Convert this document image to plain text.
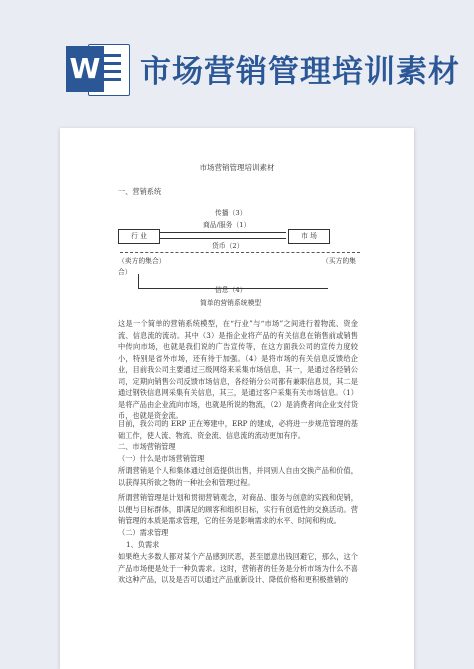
W 市场营销管理培训素材
市场营销管理培训素材
一、营销系统
传播（3）
商品/服务（1）
行 业	市 场
货币（2）
（卖方的集合）	（买方的集
合）
信息（4）
简单的营销系统模型
这是一个简单的营销系统模型，在“行业”与“市场”之间进行着物流、资金流、信息流的流动。其中（3）是指企业将产品的有关信息在销售前或销售中传向市场，也就是我们说的广告宣传等，在这方面我公司的宣传力度较小，特别是省外市场，还有待于加强。（4）是将市场的有关信息反馈给企业，目前我公司主要通过三级网络来采集市场信息，其一，是通过各经销公司，定期向销售公司反馈市场信息，各经销分公司都有兼职信息员，其二是通过钢铁信息网采集有关信息，其三，是通过客户采集有关市场信息。（1）是将产品由企业流向市场，也就是所说的物流，（2）是消费者向企业支付货币，也就是资金流。
目前，我公司的 ERP 正在筹建中，ERP 的建成，必将进一步规范管理的基础工作，使人流、物流、资金流、信息流的流动更加有序。
二、市场营销管理
（一）什么是市场营销管理
所谓营销是个人和集体通过创造提供出售，并同别人自由交换产品和价值，以获得其所欲之物的一种社会和管理过程。
所谓营销管理是计划和贯彻营销观念，对商品、服务与创意的实践和促销，以便与目标群体，即满足的顾客和组织目标，实行有创造性的交换活动。营销管理的本质是需求管理，它的任务是影响需求的水平、时间和构成。
（二）需求管理
1、负需求
如果绝大多数人都对某个产品感到厌恶，甚至愿意出钱回避它，那么，这个产品市场便是处于一种负需求。这时，营销者的任务是分析市场为什么不喜欢这种产品，以及是否可以通过产品重新设计、降低价格和更积极推销的
